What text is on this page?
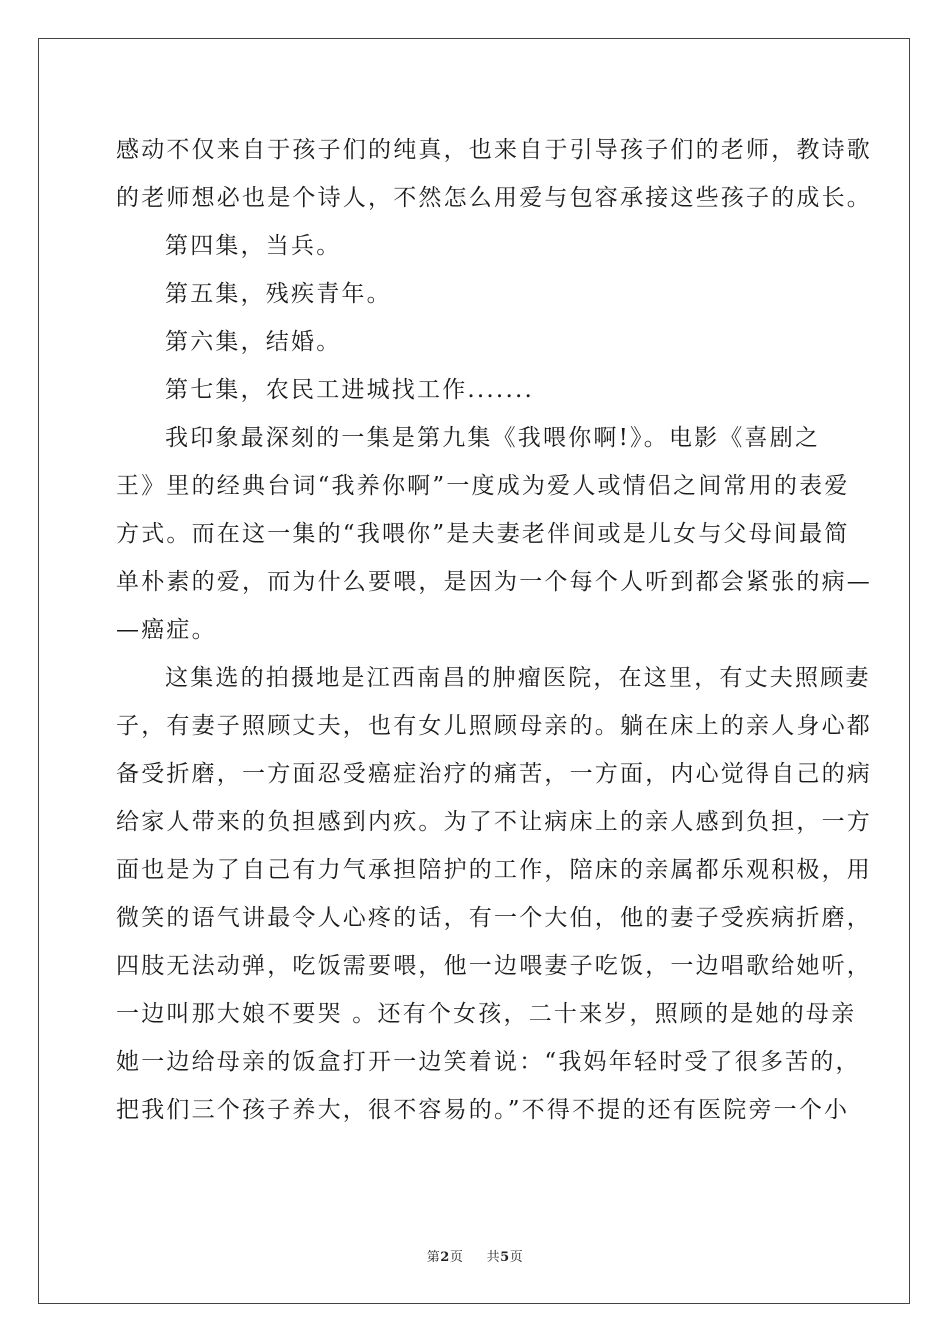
感动不仅来自于孩子们的纯真，也来自于引导孩子们的老师，教诗歌
的老师想必也是个诗人，不然怎么用爱与包容承接这些孩子的成长。
第四集，当兵。
第五集，残疾青年。
第六集，结婚。
第七集，农民工进城找工作.......
我印象最深刻的一集是第九集《我喂你啊!》。电影《喜剧之
王》里的经典台词“我养你啊”一度成为爱人或情侣之间常用的表爱
方式。而在这一集的“我喂你”是夫妻老伴间或是儿女与父母间最简
单朴素的爱，而为什么要喂，是因为一个每个人听到都会紧张的病—
—癌症。
这集选的拍摄地是江西南昌的肿瘤医院，在这里，有丈夫照顾妻
子，有妻子照顾丈夫，也有女儿照顾母亲的。躺在床上的亲人身心都
备受折磨，一方面忍受癌症治疗的痛苦，一方面，内心觉得自己的病
给家人带来的负担感到内疚。为了不让病床上的亲人感到负担，一方
面也是为了自己有力气承担陪护的工作，陪床的亲属都乐观积极，用
微笑的语气讲最令人心疼的话，有一个大伯，他的妻子受疾病折磨，
四肢无法动弹，吃饭需要喂，他一边喂妻子吃饭，一边唱歌给她听，
一边叫那大娘不要哭 。还有个女孩，二十来岁，照顾的是她的母亲
她一边给母亲的饭盒打开一边笑着说：“我妈年轻时受了很多苦的，
把我们三个孩子养大，很不容易的。”不得不提的还有医院旁一个小
第2页 共5页
